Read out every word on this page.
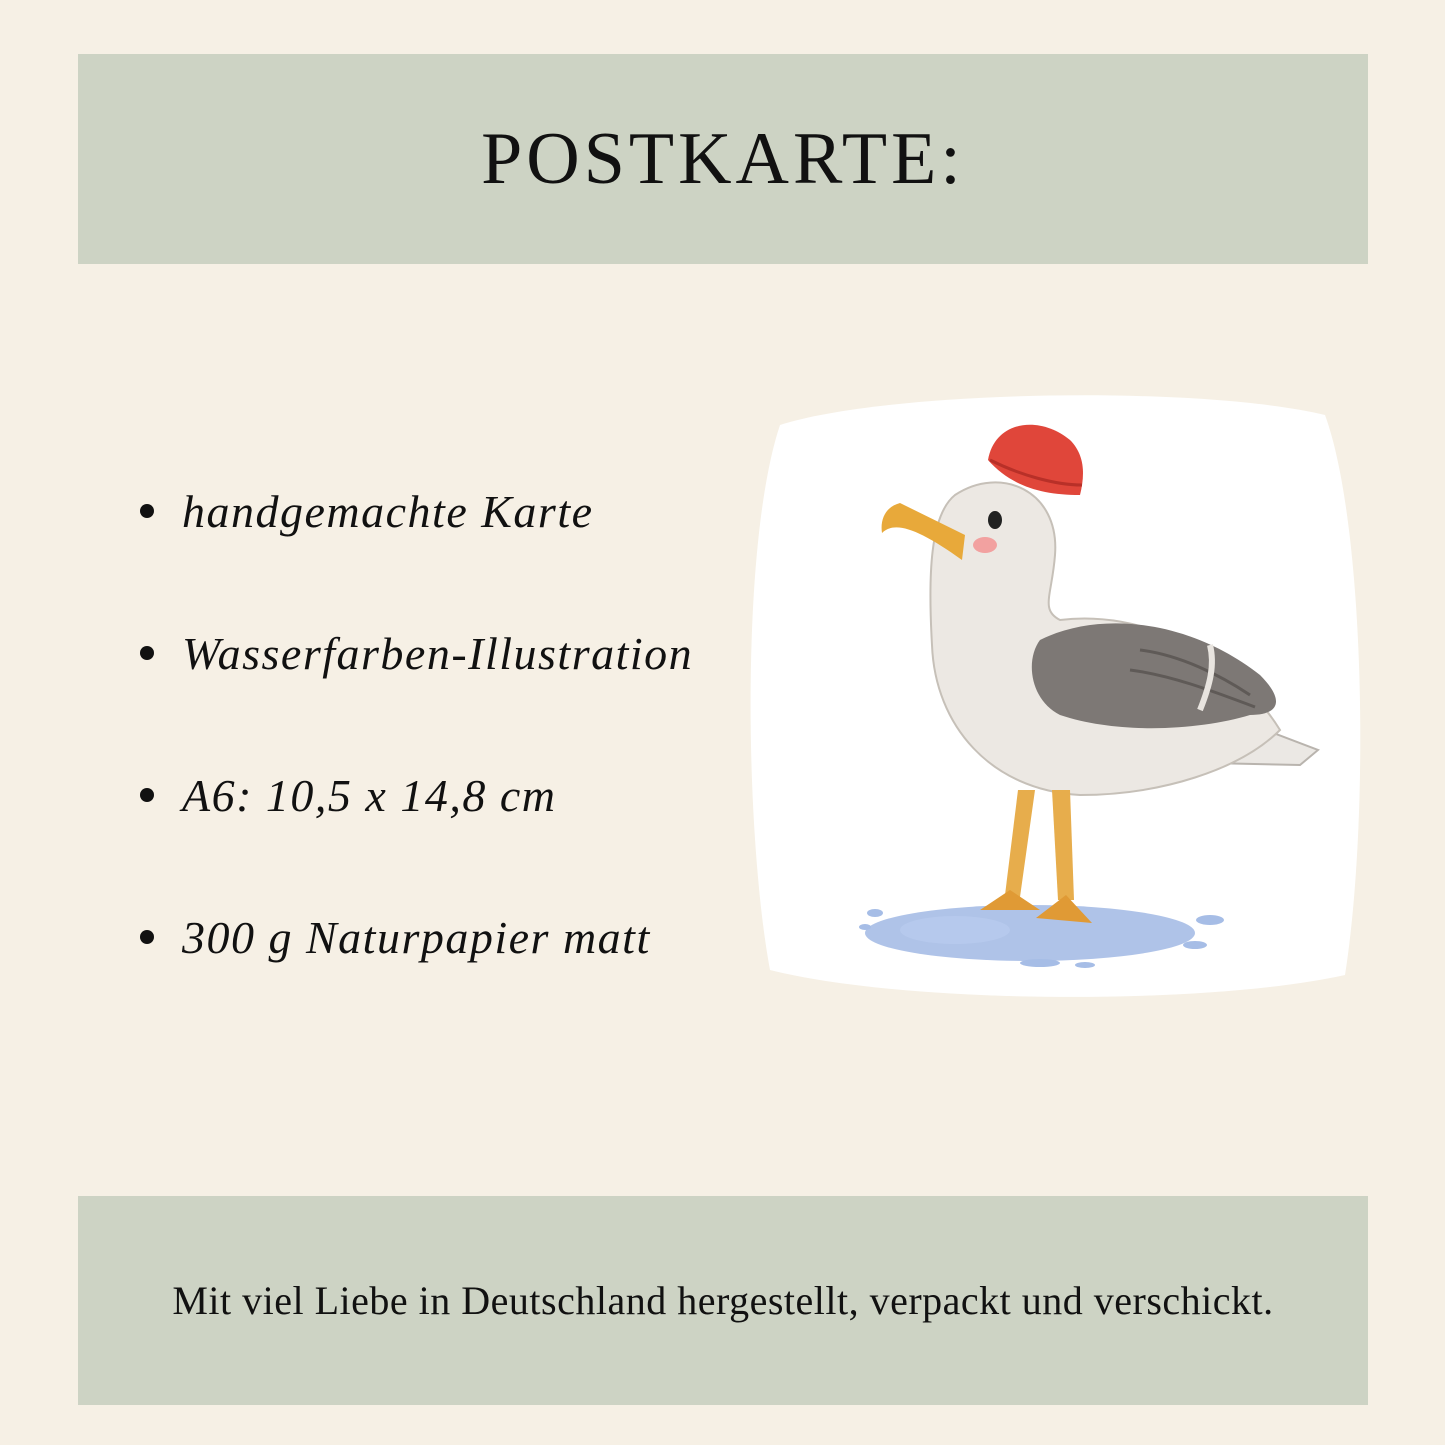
POSTKARTE:
handgemachte Karte
Wasserfarben-Illustration
A6: 10,5 x 14,8 cm
300 g Naturpapier matt

Mit viel Liebe in Deutschland hergestellt, verpackt und verschickt.
